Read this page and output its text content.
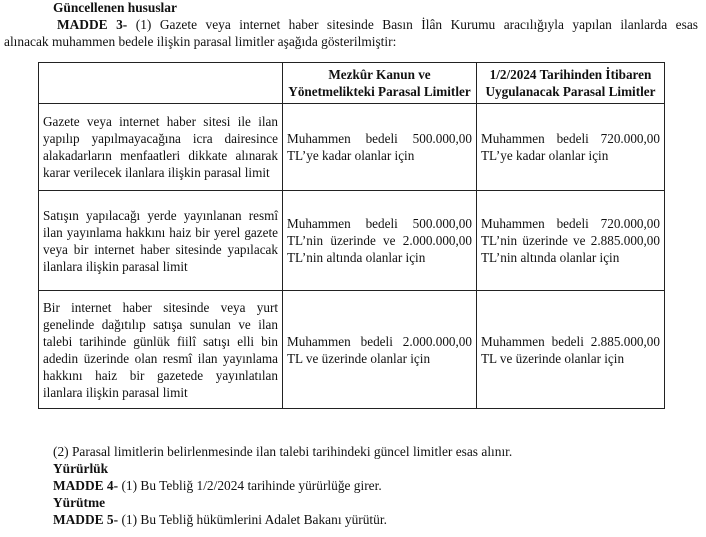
Güncellenen hususlar

MADDE 3- (1) Gazete veya internet haber sitesinde Basın İlân Kurumu aracılığıyla yapılan ilanlarda esas

alınacak muhammen bedele ilişkin parasal limitler aşağıda gösterilmiştir:

	Mezkûr Kanun ve Yönetmelikteki Parasal Limitler	1/2/2024 Tarihinden İtibaren Uygulanacak Parasal Limitler
Gazete veya internet haber sitesi ile ilan yapılıp yapılmayacağına icra dairesince alakadarların menfaatleri dikkate alınarak karar verilecek ilanlara ilişkin parasal limit	Muhammen bedeli 500.000,00 TL’ye kadar olanlar için	Muhammen bedeli 720.000,00 TL’ye kadar olanlar için
Satışın yapılacağı yerde yayınlanan resmî ilan yayınlama hakkını haiz bir yerel gazete veya bir internet haber sitesinde yapılacak ilanlara ilişkin parasal limit	Muhammen bedeli 500.000,00 TL’nin üzerinde ve 2.000.000,00 TL’nin altında olanlar için	Muhammen bedeli 720.000,00 TL’nin üzerinde ve 2.885.000,00 TL’nin altında olanlar için
Bir internet haber sitesinde veya yurt genelinde dağıtılıp satışa sunulan ve ilan talebi tarihinde günlük fiilî satışı elli bin adedin üzerinde olan resmî ilan yayınlama hakkını haiz bir gazetede yayınlatılan ilanlara ilişkin parasal limit	Muhammen bedeli 2.000.000,00 TL ve üzerinde olanlar için	Muhammen bedeli 2.885.000,00 TL ve üzerinde olanlar için

(2) Parasal limitlerin belirlenmesinde ilan talebi tarihindeki güncel limitler esas alınır.

Yürürlük

MADDE 4- (1) Bu Tebliğ 1/2/2024 tarihinde yürürlüğe girer.

Yürütme

MADDE 5- (1) Bu Tebliğ hükümlerini Adalet Bakanı yürütür.
